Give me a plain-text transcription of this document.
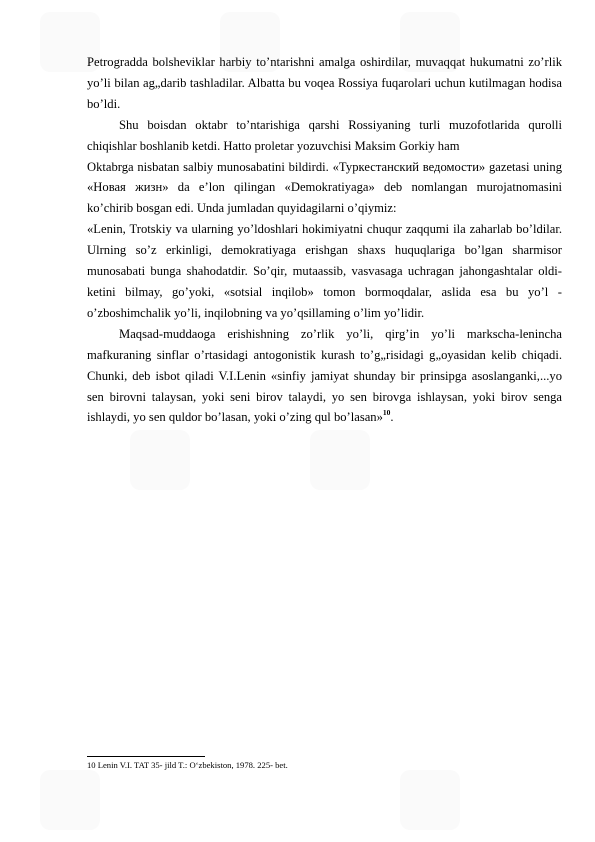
Petrogradda bolsheviklar harbiy to’ntarishni amalga oshirdilar, muvaqqat hukumatni zo’rlik yo’li bilan ag„darib tashladilar. Albatta bu voqea Rossiya fuqarolari uchun kutilmagan hodisa bo’ldi.

Shu boisdan oktabr to’ntarishiga qarshi Rossiyaning turli muzofotlarida qurolli chiqishlar boshlanib ketdi. Hatto proletar yozuvchisi Maksim Gorkiy ham

Oktabrga nisbatan salbiy munosabatini bildirdi. «Туркестанский ведомости» gazetasi uning «Новая жизн» da e’lon qilingan «Demokratiyaga» deb nomlangan murojatnomasini ko’chirib bosgan edi. Unda jumladan quyidagilarni o’qiymiz:

«Lenin, Trotskiy va ularning yo’ldoshlari hokimiyatni chuqur zaqqumi ila zaharlab bo’ldilar. Ulrning so’z erkinligi, demokratiyaga erishgan shaxs huquqlariga bo’lgan sharmisor munosabati bunga shahodatdir. So’qir, mutaassib, vasvasaga uchragan jahongashtalar oldi-ketini bilmay, go’yoki, «sotsial inqilob» tomon bormoqdalar, aslida esa bu yo’l - o’zboshimchalik yo’li, inqilobning va yo’qsillaming o’lim yo’lidir.

Maqsad-muddaoga erishishning zo’rlik yo’li, qirg’in yo’li markscha-lenincha mafkuraning sinflar o’rtasidagi antogonistik kurash to’g„risidagi g„oyasidan kelib chiqadi. Chunki, deb isbot qiladi V.I.Lenin «sinfiy jamiyat shunday bir prinsipga asoslanganki,...yo sen birovni talaysan, yoki seni birov talaydi, yo sen birovga ishlaysan, yoki birov senga ishlaydi, yo sen quldor bo’lasan, yoki o’zing qul bo’lasan»$^{10}$.

10 Lenin V.I. TAT 35- jild T.: O‘zbekiston, 1978. 225- bet.
